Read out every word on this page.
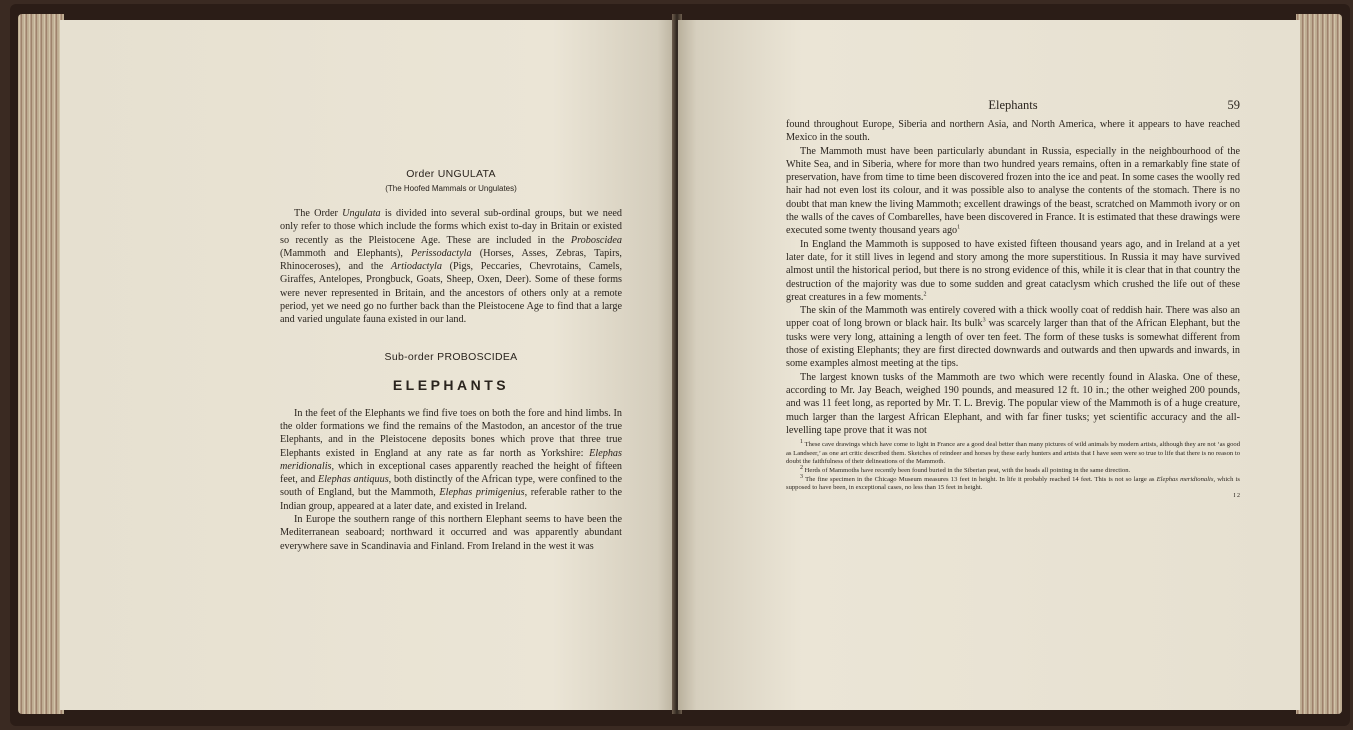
Order UNGULATA
(The Hoofed Mammals or Ungulates)

The Order Ungulata is divided into several sub-ordinal groups, but we need only refer to those which include the forms which exist to-day in Britain or existed so recently as the Pleistocene Age. These are included in the Proboscidea (Mammoth and Elephants), Perissodactyla (Horses, Asses, Zebras, Tapirs, Rhinoceroses), and the Artiodactyla (Pigs, Peccaries, Chevrotains, Camels, Giraffes, Antelopes, Prongbuck, Goats, Sheep, Oxen, Deer). Some of these forms were never represented in Britain, and the ancestors of others only at a remote period, yet we need go no further back than the Pleistocene Age to find that a large and varied ungulate fauna existed in our land.

Sub-order PROBOSCIDEA
ELEPHANTS

In the feet of the Elephants we find five toes on both the fore and hind limbs. In the older formations we find the remains of the Mastodon, an ancestor of the true Elephants, and in the Pleistocene deposits bones which prove that three true Elephants existed in England at any rate as far north as Yorkshire: Elephas meridionalis, which in exceptional cases apparently reached the height of fifteen feet, and Elephas antiquus, both distinctly of the African type, were confined to the south of England, but the Mammoth, Elephas primigenius, referable rather to the Indian group, appeared at a later date, and existed in Ireland.

In Europe the southern range of this northern Elephant seems to have been the Mediterranean seaboard; northward it occurred and was apparently abundant everywhere save in Scandinavia and Finland. From Ireland in the west it was

Elephants	59

found throughout Europe, Siberia and northern Asia, and North America, where it appears to have reached Mexico in the south.

The Mammoth must have been particularly abundant in Russia, especially in the neighbourhood of the White Sea, and in Siberia, where for more than two hundred years remains, often in a remarkably fine state of preservation, have from time to time been discovered frozen into the ice and peat. In some cases the woolly red hair had not even lost its colour, and it was possible also to analyse the contents of the stomach. There is no doubt that man knew the living Mammoth; excellent drawings of the beast, scratched on Mammoth ivory or on the walls of the caves of Combarelles, have been discovered in France. It is estimated that these drawings were executed some twenty thousand years ago$^1$

In England the Mammoth is supposed to have existed fifteen thousand years ago, and in Ireland at a yet later date, for it still lives in legend and story among the more superstitious. In Russia it may have survived almost until the historical period, but there is no strong evidence of this, while it is clear that in that country the destruction of the majority was due to some sudden and great cataclysm which crushed the life out of these great creatures in a few moments.$^2$

The skin of the Mammoth was entirely covered with a thick woolly coat of reddish hair. There was also an upper coat of long brown or black hair. Its bulk$^3$ was scarcely larger than that of the African Elephant, but the tusks were very long, attaining a length of over ten feet. The form of these tusks is somewhat different from those of existing Elephants; they are first directed downwards and outwards and then upwards and inwards, in some examples almost meeting at the tips.

The largest known tusks of the Mammoth are two which were recently found in Alaska. One of these, according to Mr. Jay Beach, weighed 190 pounds, and measured 12 ft. 10 in.; the other weighed 200 pounds, and was 11 feet long, as reported by Mr. T. L. Brevig. The popular view of the Mammoth is of a huge creature, much larger than the largest African Elephant, and with far finer tusks; yet scientific accuracy and the all-levelling tape prove that it was not

$^1$ These cave drawings which have come to light in France are a good deal better than many pictures of wild animals by modern artists, although they are not ‘as good as Landseer,’ as one art critic described them. Sketches of reindeer and horses by these early hunters and artists that I have seen were so true to life that there is no reason to doubt the faithfulness of their delineations of the Mammoth.

$^2$ Herds of Mammoths have recently been found buried in the Siberian peat, with the heads all pointing in the same direction.

$^3$ The fine specimen in the Chicago Museum measures 13 feet in height. In life it probably reached 14 feet. This is not so large as Elephas meridionalis, which is supposed to have been, in exceptional cases, no less than 15 feet in height.

I 2
